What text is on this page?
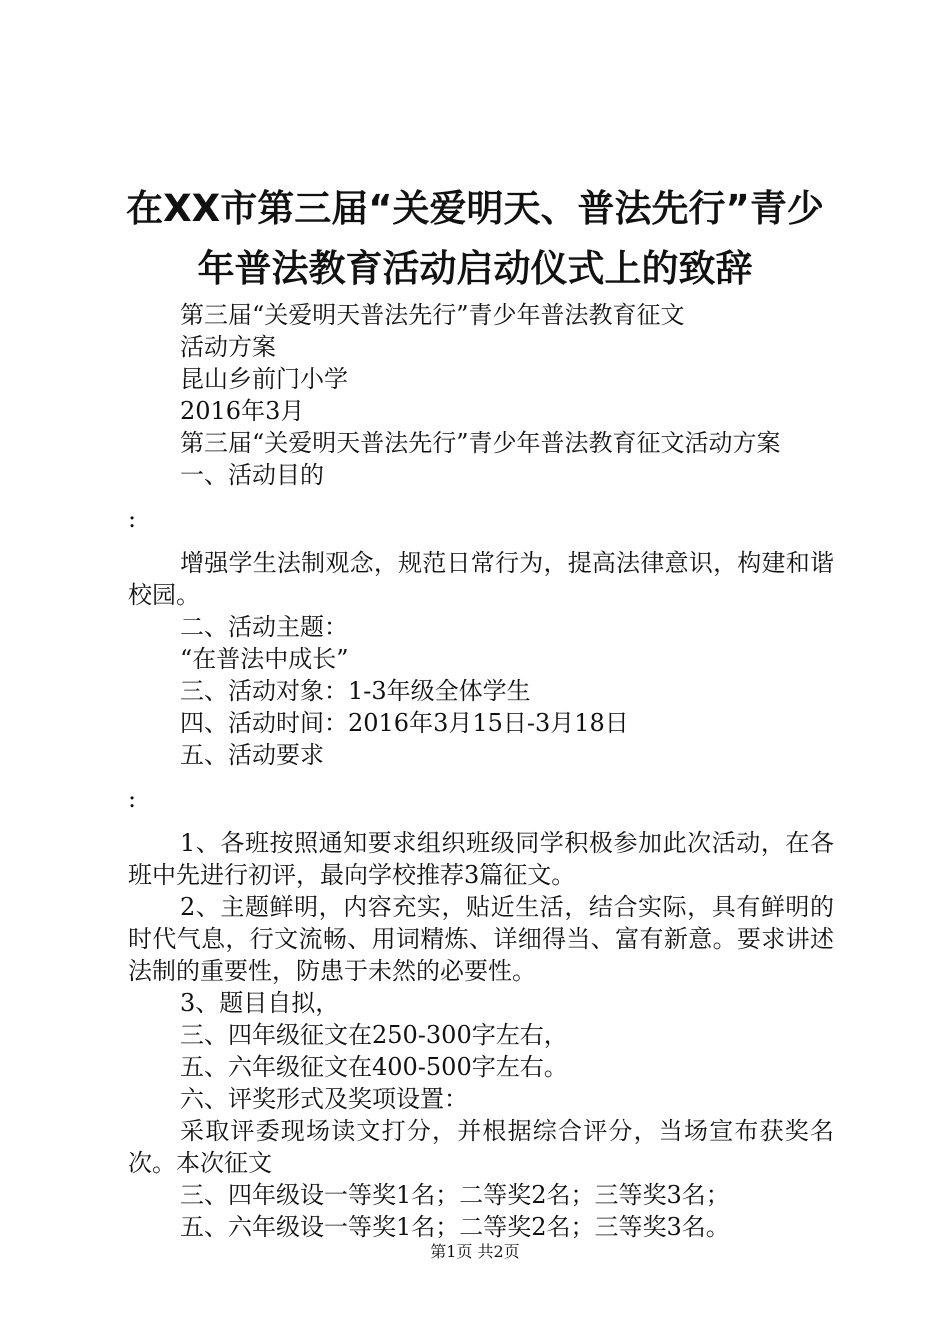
在XX市第三届“关爱明天、普法先行”青少
年普法教育活动启动仪式上的致辞

第三届“关爱明天普法先行”青少年普法教育征文

活动方案

昆山乡前门小学

2016年3月

第三届“关爱明天普法先行”青少年普法教育征文活动方案

一、活动目的

:

增强学生法制观念，规范日常行为，提高法律意识，构建和谐校园。

二、活动主题：

“在普法中成长”

三、活动对象：1-3年级全体学生

四、活动时间：2016年3月15日-3月18日

五、活动要求

:

1、各班按照通知要求组织班级同学积极参加此次活动，在各班中先进行初评，最向学校推荐3篇征文。

2、主题鲜明，内容充实，贴近生活，结合实际，具有鲜明的时代气息，行文流畅、用词精炼、详细得当、富有新意。要求讲述法制的重要性，防患于未然的必要性。

3、题目自拟，

三、四年级征文在250-300字左右，

五、六年级征文在400-500字左右。

六、评奖形式及奖项设置：

采取评委现场读文打分，并根据综合评分，当场宣布获奖名次。本次征文

三、四年级设一等奖1名；二等奖2名；三等奖3名；

五、六年级设一等奖1名；二等奖2名；三等奖3名。

第1页 共2页
